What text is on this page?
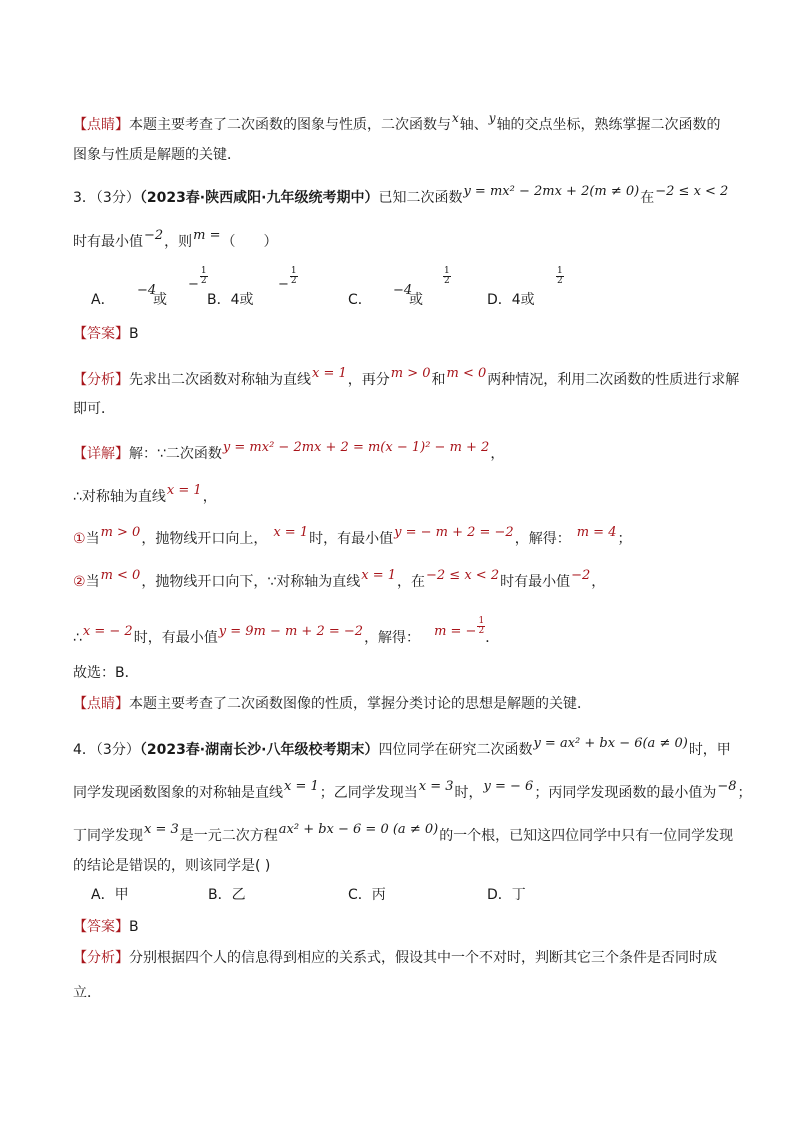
【点睛】本题主要考查了二次函数的图象与性质，二次函数与x轴、y轴的交点坐标，熟练掌握二次函数的
图象与性质是解题的关键．
3．（3分）（2023春·陕西咸阳·九年级统考期中）已知二次函数y = mx² − 2mx + 2(m ≠ 0)在−2 ≤ x < 2
时有最小值−2，则m =（　　）
A．
−4
或
− $\frac{1}{2}$
B．4或
− $\frac{1}{2}$
C．
−4
或
$\frac{1}{2}$
D．4或
$\frac{1}{2}$
【答案】B
【分析】先求出二次函数对称轴为直线x = 1，再分m > 0和m < 0两种情况，利用二次函数的性质进行求解
即可．
【详解】解：∵二次函数y = mx² − 2mx + 2 = m(x − 1)² − m + 2，
∴对称轴为直线x = 1，
①当m > 0，抛物线开口向上， x = 1时，有最小值y = − m + 2 = −2，解得： m = 4；
②当m < 0，抛物线开口向下，∵对称轴为直线x = 1，在−2 ≤ x < 2时有最小值−2，
∴x = − 2时，有最小值y = 9m − m + 2 = −2，解得： m = − $\frac{1}{2}$
．
故选：B．
【点睛】本题主要考查了二次函数图像的性质，掌握分类讨论的思想是解题的关键．
4．（3分）（2023春·湖南长沙·八年级校考期末）四位同学在研究二次函数y = ax² + bx − 6(a ≠ 0)时，甲
同学发现函数图象的对称轴是直线x = 1；乙同学发现当x = 3时，y = − 6；丙同学发现函数的最小值为−8；
丁同学发现x = 3是一元二次方程ax² + bx − 6 = 0 (a ≠ 0)的一个根，已知这四位同学中只有一位同学发现
的结论是错误的，则该同学是( )
A．甲	B．乙	C．丙	D．丁
【答案】B
【分析】分别根据四个人的信息得到相应的关系式，假设其中一个不对时，判断其它三个条件是否同时成
立．
